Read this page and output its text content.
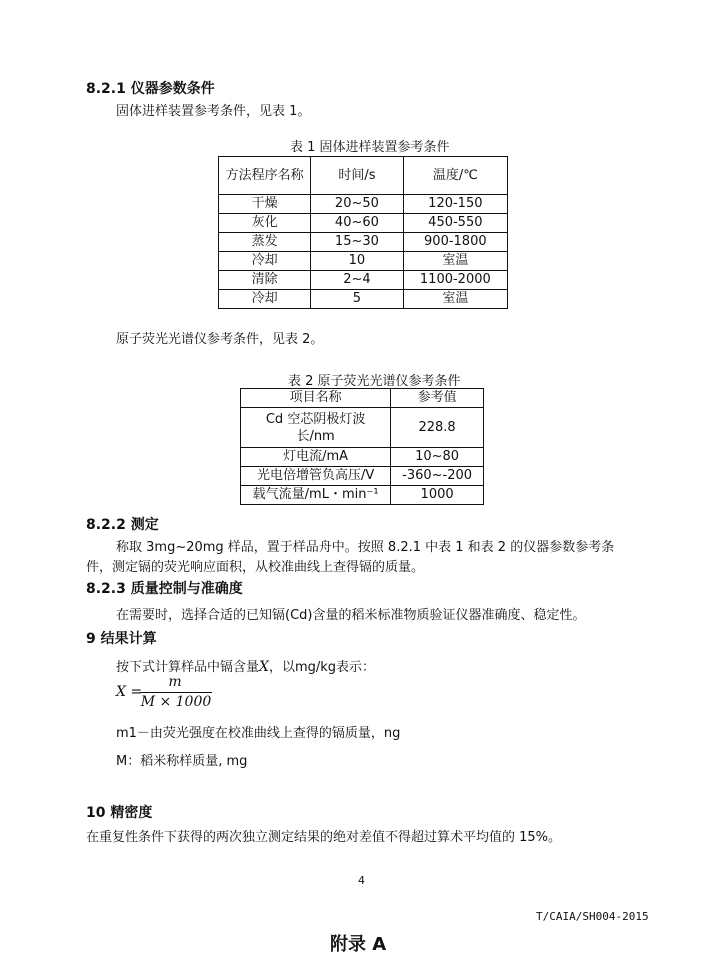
8.2.1 仪器参数条件
固体进样装置参考条件，见表 1。
表 1 固体进样装置参考条件
方法程序名称	时间/s	温度/℃
干燥	20~50	120-150
灰化	40~60	450-550
蒸发	15~30	900-1800
冷却	10	室温
清除	2~4	1100-2000
冷却	5	室温
原子荧光光谱仪参考条件，见表 2。
表 2 原子荧光光谱仪参考条件
项目名称	参考值
Cd 空芯阴极灯波长/nm	228.8
灯电流/mA	10~80
光电倍增管负高压/V	-360~-200
载气流量/mL・min⁻¹	1000
8.2.2 测定
称取 3mg~20mg 样品，置于样品舟中。按照 8.2.1 中表 1 和表 2 的仪器参数参考条
件，测定镉的荧光响应面积，从校准曲线上查得镉的质量。
8.2.3 质量控制与准确度
在需要时，选择合适的已知镉(Cd)含量的稻米标准物质验证仪器准确度、稳定性。
9 结果计算
按下式计算样品中镉含量X，以mg/kg表示：
X =
m
M × 1000
m1－由荧光强度在校准曲线上查得的镉质量，ng
M：稻米称样质量, mg
10 精密度
在重复性条件下获得的两次独立测定结果的绝对差值不得超过算术平均值的 15%。
4
T/CAIA/SH004-2015
附录 A
